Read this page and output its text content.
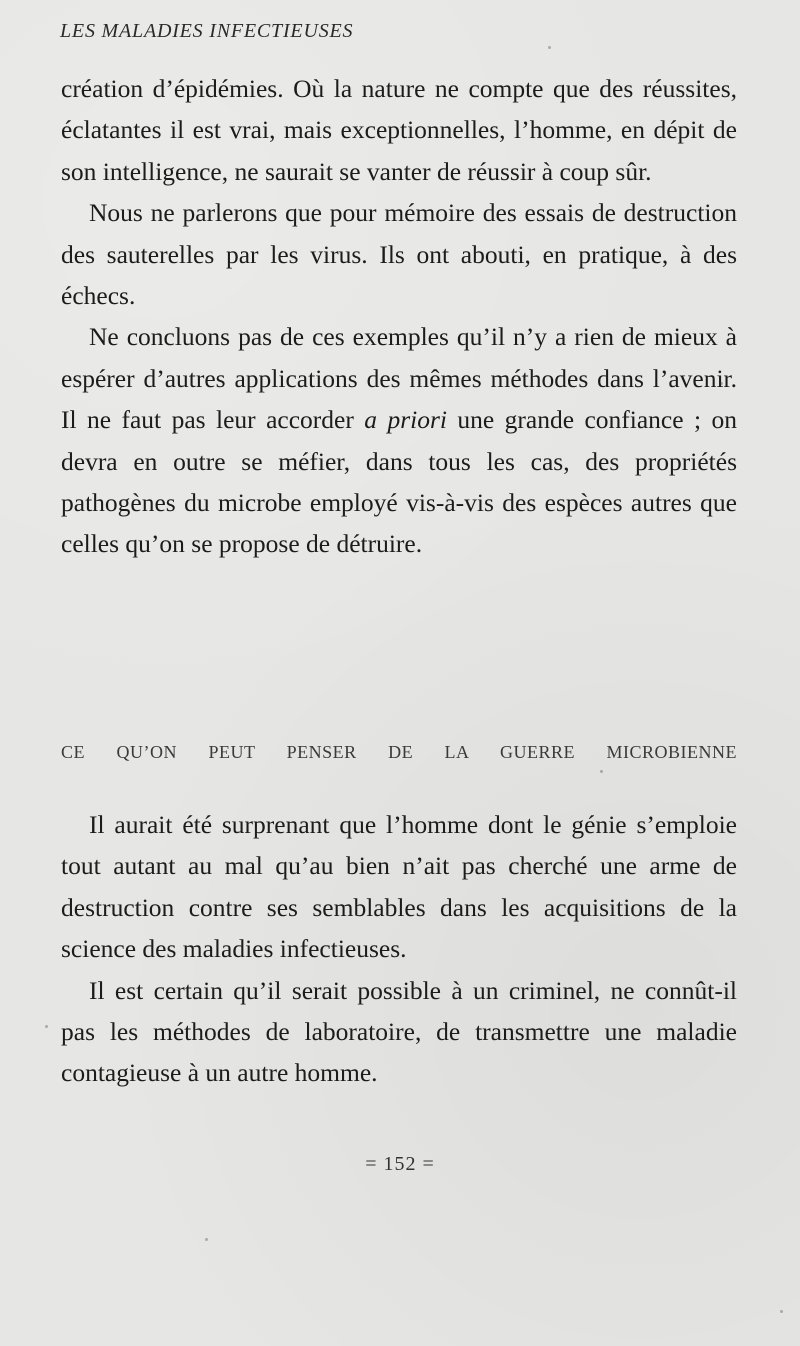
LES MALADIES INFECTIEUSES

création d’épidémies. Où la nature ne compte que des réussites, éclatantes il est vrai, mais exceptionnelles, l’homme, en dépit de son intelligence, ne saurait se vanter de réussir à coup sûr.

Nous ne parlerons que pour mémoire des essais de destruction des sauterelles par les virus. Ils ont abouti, en pratique, à des échecs.

Ne concluons pas de ces exemples qu’il n’y a rien de mieux à espérer d’autres applications des mêmes méthodes dans l’avenir. Il ne faut pas leur accorder a priori une grande confiance ; on devra en outre se méfier, dans tous les cas, des propriétés pathogènes du microbe employé vis-à-vis des espèces autres que celles qu’on se propose de détruire.

CE QU’ON PEUT PENSER DE LA GUERRE MICROBIENNE

Il aurait été surprenant que l’homme dont le génie s’emploie tout autant au mal qu’au bien n’ait pas cherché une arme de destruction contre ses semblables dans les acquisitions de la science des maladies infectieuses.

Il est certain qu’il serait possible à un criminel, ne connût-il pas les méthodes de laboratoire, de transmettre une maladie contagieuse à un autre homme.

= 152 =
